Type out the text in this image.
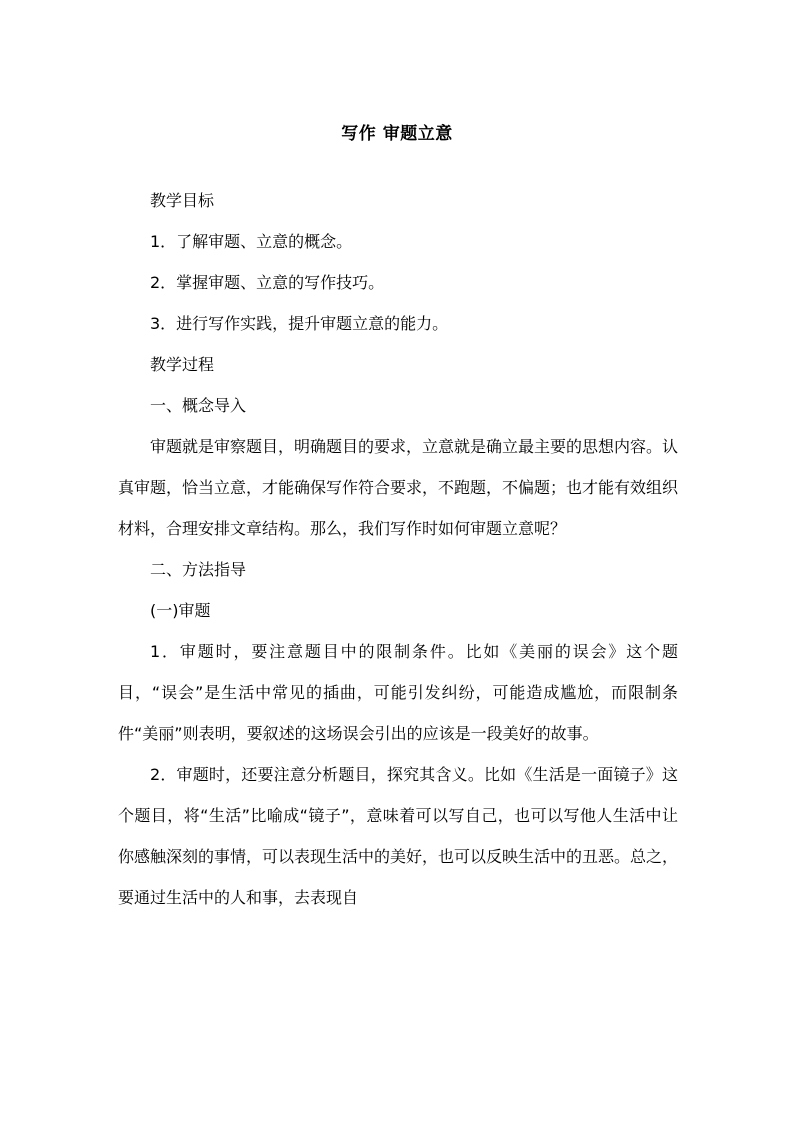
写作 审题立意

教学目标

1．了解审题、立意的概念。

2．掌握审题、立意的写作技巧。

3．进行写作实践，提升审题立意的能力。

教学过程

一、概念导入

审题就是审察题目，明确题目的要求，立意就是确立最主要的思想内容。认真审题，恰当立意，才能确保写作符合要求，不跑题，不偏题；也才能有效组织材料，合理安排文章结构。那么，我们写作时如何审题立意呢？

二、方法指导

(一)审题

1．审题时，要注意题目中的限制条件。比如《美丽的误会》这个题目，“误会”是生活中常见的插曲，可能引发纠纷，可能造成尴尬，而限制条件“美丽”则表明，要叙述的这场误会引出的应该是一段美好的故事。

2．审题时，还要注意分析题目，探究其含义。比如《生活是一面镜子》这个题目，将“生活”比喻成“镜子”，意味着可以写自己，也可以写他人生活中让你感触深刻的事情，可以表现生活中的美好，也可以反映生活中的丑恶。总之，要通过生活中的人和事，去表现自
